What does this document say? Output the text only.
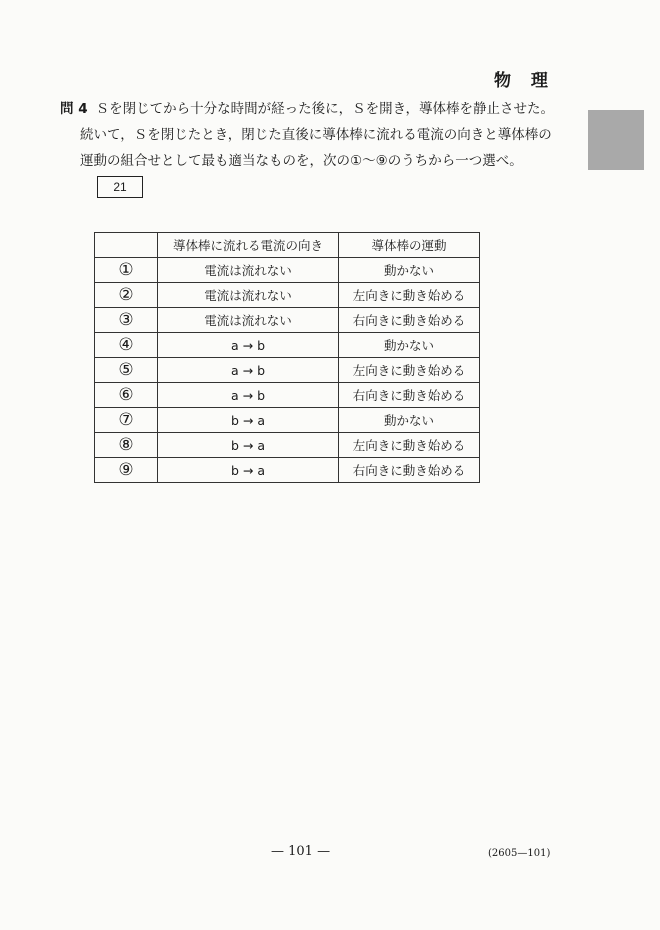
物 理
問 4 Ｓを閉じてから十分な時間が経った後に，Ｓを開き，導体棒を静止させた。
続いて，Ｓを閉じたとき，閉じた直後に導体棒に流れる電流の向きと導体棒の
運動の組合せとして最も適当なものを，次の①～⑨のうちから一つ選べ。
21
	導体棒に流れる電流の向き	導体棒の運動
①	電流は流れない	動かない
②	電流は流れない	左向きに動き始める
③	電流は流れない	右向きに動き始める
④	a → b	動かない
⑤	a → b	左向きに動き始める
⑥	a → b	右向きに動き始める
⑦	b → a	動かない
⑧	b → a	左向きに動き始める
⑨	b → a	右向きに動き始める
— 101 —	(2605—101)
